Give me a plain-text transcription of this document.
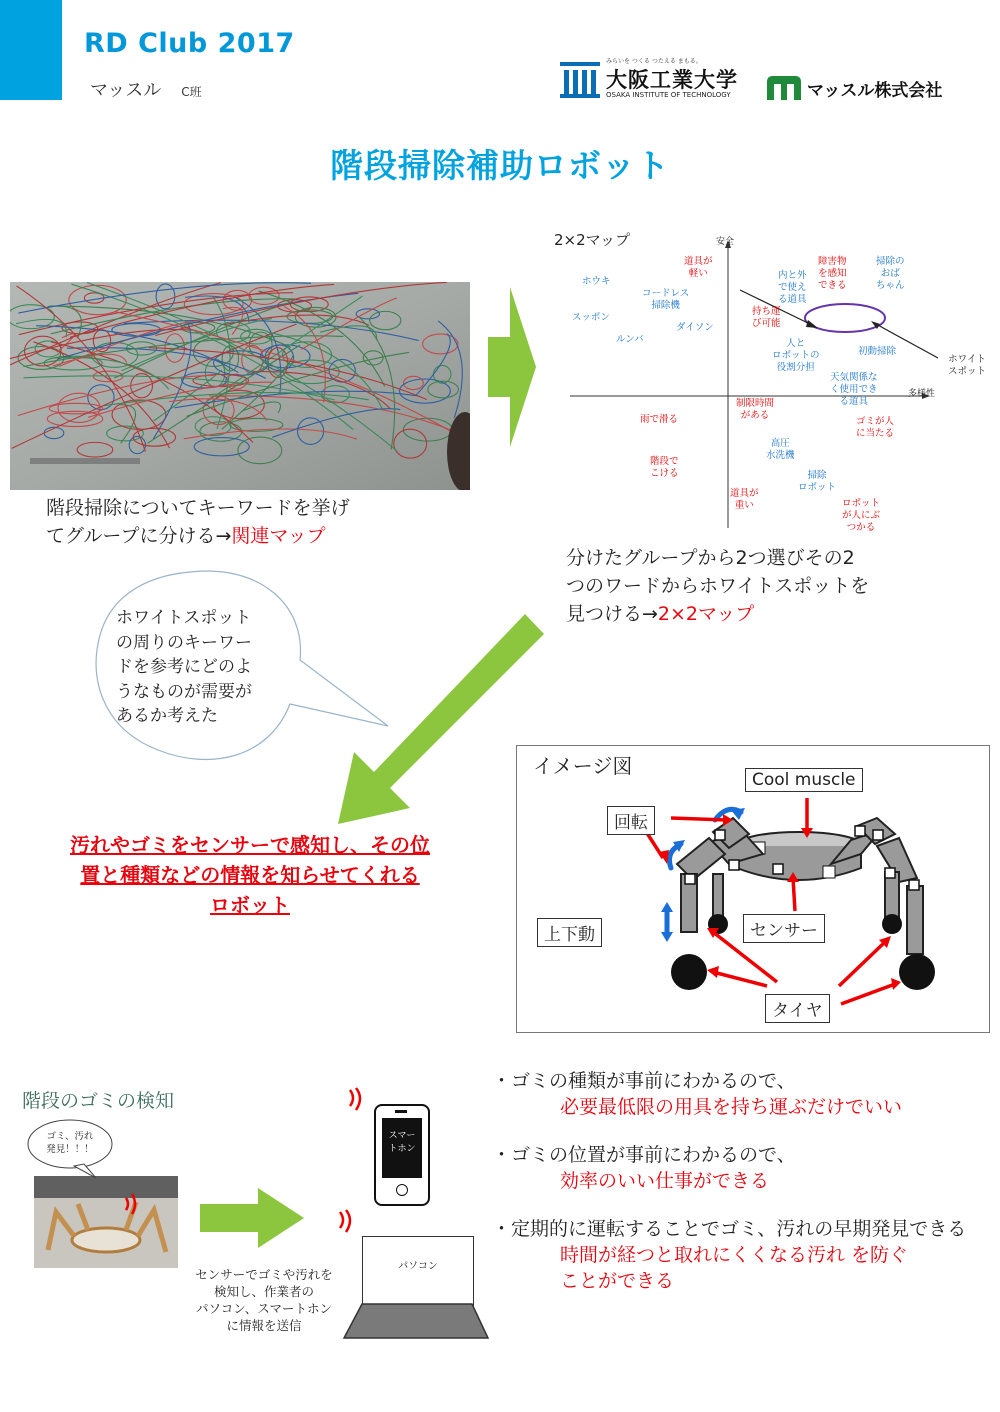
RD Club 2017
マッスル C班
みらいを つくる つたえる まもる。
大阪工業大学
OSAKA INSTITUTE OF TECHNOLOGY	マッスル株式会社
階段掃除補助ロボット
階段掃除についてキーワードを挙げ
てグループに分ける→関連マップ
2×2マップ	安全
多様性
ホワイト
スポット
ホウキ
コードレス
掃除機
スッポン
ダイソン
ルンバ
内と外
で使え
る道具
掃除の
おば
ちゃん
人と
ロボットの
役割分担
初動掃除
天気関係な
く使用でき
る道具
高圧
水洗機
掃除
ロボット
道具が
軽い
障害物
を感知
できる
持ち運
び可能
制限時間
がある
雨で滑る	ゴミが人
に当たる
階段で
こける
道具が
重い	ロボット
が人にぶ
つかる
分けたグループから2つ選びその2
つのワードからホワイトスポットを
見つける→2×2マップ
ホワイトスポット
の周りのキーワー
ドを参考にどのよ
うなものが需要が
あるか考えた
汚れやゴミをセンサーで感知し、その位
置と種類などの情報を知らせてくれる
ロボット
イメージ図
Cool muscle
回転
上下動	センサー
タイヤ
階段のゴミの検知
ゴミ、汚れ
発見！！！
センサーでゴミや汚れを
検知し、作業者の
パソコン、スマートホン
に情報を送信
スマー
トホン
パソコン
・ゴミの種類が事前にわかるので、
必要最低限の用具を持ち運ぶだけでいい
・ゴミの位置が事前にわかるので、
効率のいい仕事ができる
・定期的に運転することでゴミ、汚れの早期発見できる
時間が経つと取れにくくなる汚れ を防ぐ
ことができる
